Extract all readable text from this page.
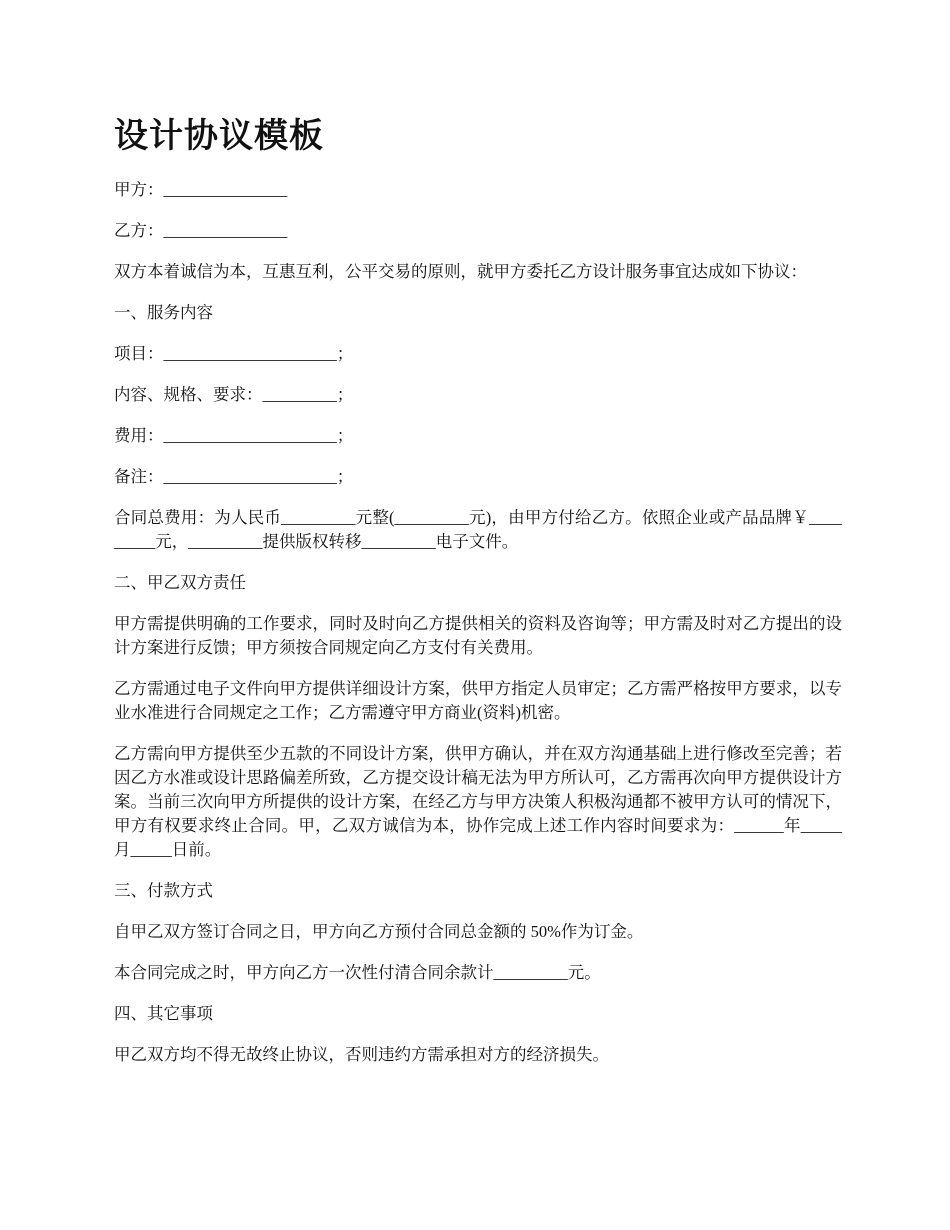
设计协议模板

甲方：_______________

乙方：_______________

双方本着诚信为本，互惠互利，公平交易的原则，就甲方委托乙方设计服务事宜达成如下协议：

一、服务内容

项目：_____________________；

内容、规格、要求：_________；

费用：_____________________；

备注：_____________________；

合同总费用：为人民币_________元整(_________元)，由甲方付给乙方。依照企业或产品品牌￥_________元，_________提供版权转移_________电子文件。

二、甲乙双方责任

甲方需提供明确的工作要求，同时及时向乙方提供相关的资料及咨询等；甲方需及时对乙方提出的设计方案进行反馈；甲方须按合同规定向乙方支付有关费用。

乙方需通过电子文件向甲方提供详细设计方案，供甲方指定人员审定；乙方需严格按甲方要求，以专业水准进行合同规定之工作；乙方需遵守甲方商业(资料)机密。

乙方需向甲方提供至少五款的不同设计方案，供甲方确认，并在双方沟通基础上进行修改至完善；若因乙方水准或设计思路偏差所致，乙方提交设计稿无法为甲方所认可，乙方需再次向甲方提供设计方案。当前三次向甲方所提供的设计方案，在经乙方与甲方决策人积极沟通都不被甲方认可的情况下，甲方有权要求终止合同。甲，乙双方诚信为本，协作完成上述工作内容时间要求为：______年_____月_____日前。

三、付款方式

自甲乙双方签订合同之日，甲方向乙方预付合同总金额的 50%作为订金。

本合同完成之时，甲方向乙方一次性付清合同余款计_________元。

四、其它事项

甲乙双方均不得无故终止协议，否则违约方需承担对方的经济损失。
